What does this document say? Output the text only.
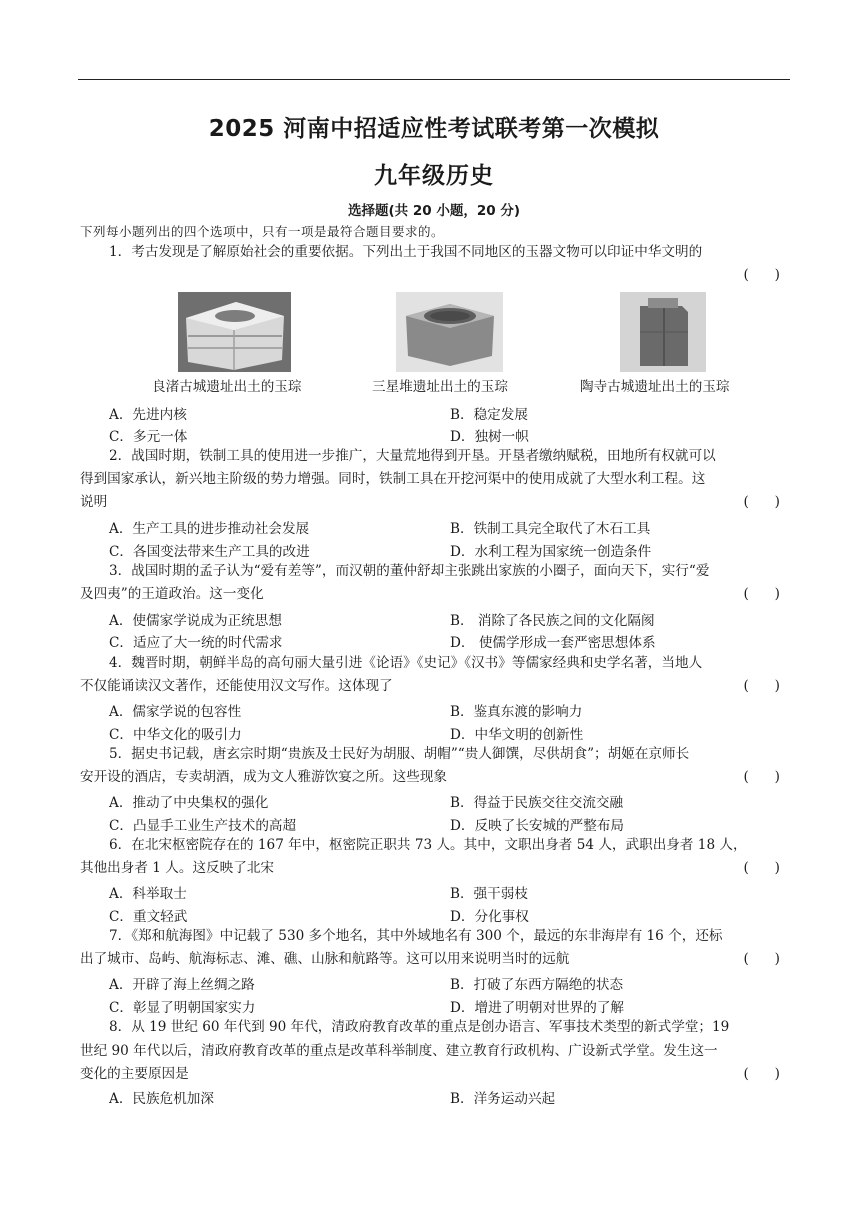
2025 河南中招适应性考试联考第一次模拟
九年级历史
选择题(共 20 小题，20 分)
下列每小题列出的四个选项中，只有一项是最符合题目要求的。
1．考古发现是了解原始社会的重要依据。下列出土于我国不同地区的玉器文物可以印证中华文明的
(      )
良渚古城遗址出土的玉琮	三星堆遗址出土的玉琮	陶寺古城遗址出土的玉琮
A．先进内核	B．稳定发展
C．多元一体	D．独树一帜
2．战国时期，铁制工具的使用进一步推广，大量荒地得到开垦。开垦者缴纳赋税，田地所有权就可以
得到国家承认，新兴地主阶级的势力增强。同时，铁制工具在开挖河渠中的使用成就了大型水利工程。这
说明	(      )
A．生产工具的进步推动社会发展	B．铁制工具完全取代了木石工具
C．各国变法带来生产工具的改进	D．水利工程为国家统一创造条件
3．战国时期的孟子认为“爱有差等”，而汉朝的董仲舒却主张跳出家族的小圈子，面向天下，实行“爱
及四夷”的王道政治。这一变化	(      )
A．使儒家学说成为正统思想	B． 消除了各民族之间的文化隔阂
C．适应了大一统的时代需求	D． 使儒学形成一套严密思想体系
4．魏晋时期，朝鲜半岛的高句丽大量引进《论语》《史记》《汉书》等儒家经典和史学名著，当地人
不仅能诵读汉文著作，还能使用汉文写作。这体现了	(      )
A．儒家学说的包容性	B．鉴真东渡的影响力
C．中华文化的吸引力	D．中华文明的创新性
5．据史书记载，唐玄宗时期“贵族及士民好为胡服、胡帽”“贵人御馔，尽供胡食”；胡姬在京师长
安开设的酒店，专卖胡酒，成为文人雅游饮宴之所。这些现象	(      )
A．推动了中央集权的强化	B．得益于民族交往交流交融
C．凸显手工业生产技术的高超	D．反映了长安城的严整布局
6．在北宋枢密院存在的 167 年中，枢密院正职共 73 人。其中，文职出身者 54 人，武职出身者 18 人，
其他出身者 1 人。这反映了北宋	(      )
A．科举取士	B．强干弱枝
C．重文轻武	D．分化事权
7．《郑和航海图》中记载了 530 多个地名，其中外域地名有 300 个，最远的东非海岸有 16 个，还标
出了城市、岛屿、航海标志、滩、礁、山脉和航路等。这可以用来说明当时的远航	(      )
A．开辟了海上丝绸之路	B．打破了东西方隔绝的状态
C．彰显了明朝国家实力	D．增进了明朝对世界的了解
8．从 19 世纪 60 年代到 90 年代，清政府教育改革的重点是创办语言、军事技术类型的新式学堂；19
世纪 90 年代以后，清政府教育改革的重点是改革科举制度、建立教育行政机构、广设新式学堂。发生这一
变化的主要原因是	(      )
A．民族危机加深	B．洋务运动兴起
